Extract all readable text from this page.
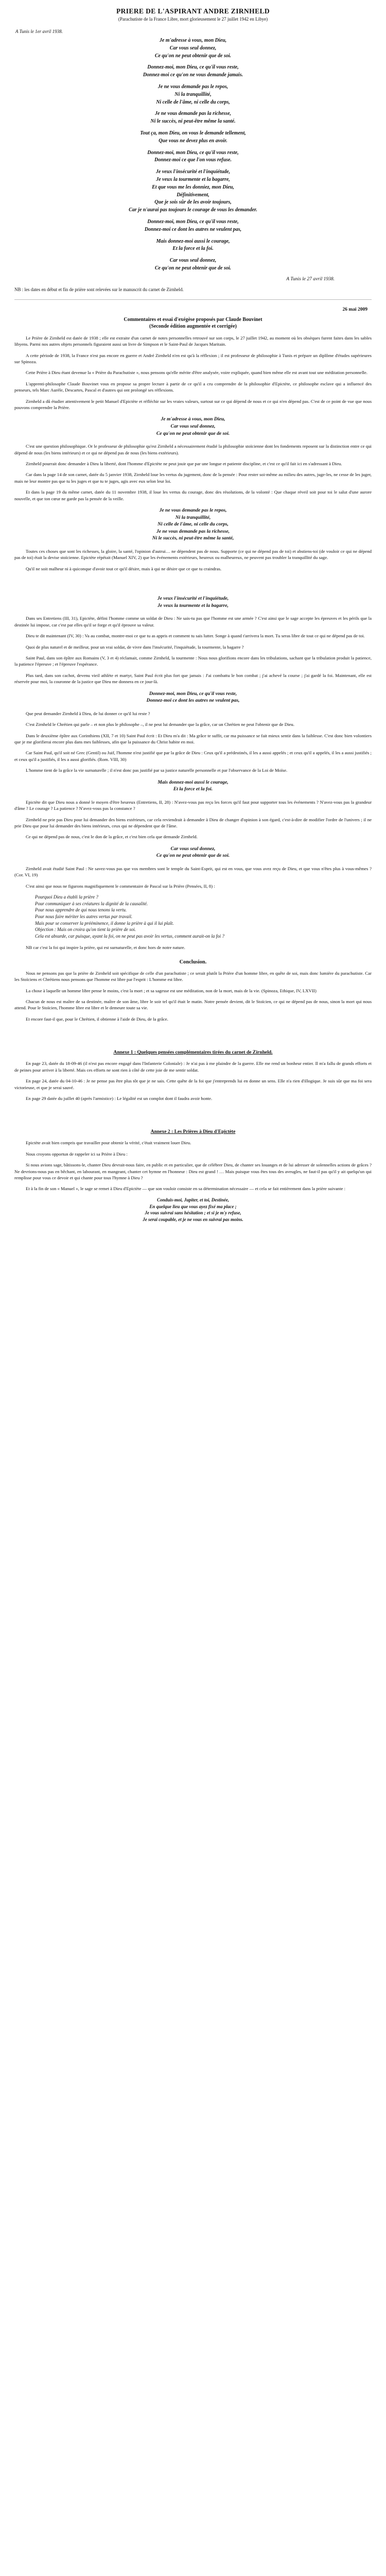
PRIERE DE L'ASPIRANT ANDRE ZIRNHELD
(Parachutiste de la France Libre, mort glorieusement le 27 juillet 1942 en Libye)
A Tunis le 1er avril 1938.
Je m'adresse à vous, mon Dieu,
Car vous seul donnez,
Ce qu'on ne peut obtenir que de soi.
Donnez-moi, mon Dieu, ce qu'il vous reste,
Donnez-moi ce qu'on ne vous demande jamais.
Je ne vous demande pas le repos,
Ni la tranquillité,
Ni celle de l'âme, ni celle du corps,
Je ne vous demande pas la richesse,
Ni le succès, ni peut-être même la santé.
Tout ça, mon Dieu, on vous le demande tellement,
Que vous ne devez plus en avoir.
Donnez-moi, mon Dieu, ce qu'il vous reste,
Donnez-moi ce que l'on vous refuse.
Je veux l'insécurité et l'inquiétude,
Je veux la tourmente et la bagarre,
Et que vous me les donniez, mon Dieu,
Définitivement,
Que je sois sûr de les avoir toujours,
Car je n'aurai pas toujours le courage de vous les demander.
Donnez-moi, mon Dieu, ce qu'il vous reste,
Donnez-moi ce dont les autres ne veulent pas,
Mais donnez-moi aussi le courage,
Et la force et la foi.
Car vous seul donnez,
Ce qu'on ne peut obtenir que de soi.
A Tunis le 27 avril 1938.
NB : les dates en début et fin de prière sont relevées sur le manuscrit du carnet de Zirnheld.
26 mai 2009
Commentaires et essai d'exégèse proposés par Claude Bouvinet
(Seconde édition augmentée et corrigée)
Le Prière de Zirnheld est datée de 1938 ; elle est extraite d'un carnet de notes personnelles retrouvé sur son corps, le 27 juillet 1942, au moment où les obsèques furent faites dans les sables libyens. Parmi nos autres objets personnels figuraient aussi un livre de Simpson et le Saint-Paul de Jacques Maritain.
A cette période de 1938, la France n'est pas encore en guerre et André Zirnheld n'en est qu'à la réflexion ; il est professeur de philosophie à Tunis et prépare un diplôme d'études supérieures sur Spinoza.
Cette Prière à Dieu étant devenue la « Prière du Parachutiste », nous pensons qu'elle mérite d'être analysée, voire expliquée, quand bien même elle est avant tout une méditation personnelle.
L'apprenti-philosophe Claude Bouvinet vous en propose sa propre lecture à partir de ce qu'il a cru comprendre de la philosophie d'Epictète, ce philosophe esclave qui a influencé des penseurs, tels Marc Aurèle, Descartes, Pascal et d'autres qui ont prolongé ses réflexions.
Zirnheld a dû étudier attentivement le petit Manuel d'Epictète et réfléchir sur les vraies valeurs, surtout sur ce qui dépend de nous et ce qui n'en dépend pas. C'est de ce point de vue que nous pouvons comprendre la Prière.
Je m'adresse à vous, mon Dieu,
Car vous seul donnez,
Ce qu'on ne peut obtenir que de soi.
C'est une question philosophique. Or le professeur de philosophie qu'est Zirnheld a nécessairement étudié la philosophie stoïcienne dont les fondements reposent sur la distinction entre ce qui dépend de nous (les biens intérieurs) et ce qui ne dépend pas de nous (les biens extérieurs).
Zirnheld pourrait donc demander à Dieu la liberté, dont l'homme d'Epictète ne peut jouir que par une longue et patiente discipline, et c'est ce qu'il fait ici en s'adressant à Dieu.
Car dans la page 14 de son carnet, datée du 5 janvier 1938, Zirnheld loue les vertus du jugement, donc de la pensée : Pour rester soi-même au milieu des autres, juge-les, ne cesse de les juger, mais ne leur montre pas que tu les juges et que tu te juges, agis avec eux selon leur loi.
Et dans la page 19 du même carnet, datée du 11 novembre 1938, il loue les vertus du courage, donc des résolutions, de la volonté : Que chaque réveil soit pour toi le salut d'une aurore nouvelle, et que ton cœur ne garde pas la pensée de la veille.
Je ne vous demande pas le repos,
Ni la tranquillité,
Ni celle de l'âme, ni celle du corps,
Je ne vous demande pas la richesse,
Ni le succès, ni peut-être même la santé,
Toutes ces choses que sont les richesses, la gloire, la santé, l'opinion d'autrui… ne dépendent pas de nous. Supporte (ce qui ne dépend pas de toi) et abstiens-toi (de vouloir ce qui ne dépend pas de toi) était la devise stoïcienne. Epictète répétait (Manuel XIV, 2) que les événements extérieurs, heureux ou malheureux, ne peuvent pas troubler la tranquillité du sage.
Qu'il ne soit malheur ni à quiconque d'avoir tout ce qu'il désire, mais à qui ne désire que ce que tu craindras.
Je veux l'insécurité et l'inquiétude,
Je veux la tourmente et la bagarre,
Dans ses Entretiens (III, 31), Epictète, défini l'homme comme un soldat de Dieu : Ne sais-tu pas que l'homme est une armée ? C'est ainsi que le sage accepte les épreuves et les périls que la destinée lui impose, car c'est par elles qu'il se forge et qu'il éprouve sa valeur.
Dieu te dit maintenant (IV, 30) : Va au combat, montre-moi ce que tu as appris et comment tu sais lutter. Songe à quand t'arrivera la mort. Tu seras libre de tout ce qui ne dépend pas de toi.
Quoi de plus naturel et de meilleur, pour un vrai soldat, de vivre dans l'insécurité, l'inquiétude, la tourmente, la bagarre ?
Saint Paul, dans son épître aux Romains (V, 3 et 4) réclamait, comme Zirnheld, la tourmente : Nous nous glorifions encore dans les tribulations, sachant que la tribulation produit la patience, la patience l'épreuve ; et l'épreuve l'espérance.
Plus tard, dans son cachot, devenu vieil athlète et martyr, Saint Paul écrit plus fort que jamais : J'ai combattu le bon combat ; j'ai achevé la course ; j'ai gardé la foi. Maintenant, elle est réservée pour moi, la couronne de la justice que Dieu me donnera en ce jour-là.
Donnez-moi, mon Dieu, ce qu'il vous reste,
Donnez-moi ce dont les autres ne veulent pas,
Que peut demander Zirnheld à Dieu, de lui donner ce qu'il lui reste ?
C'est Zirnheld le Chrétien qui parle – et non plus le philosophe –, il ne peut lui demander que la grâce, car un Chrétien ne peut l'obtenir que de Dieu.
Dans le deuxième épître aux Corinthiens (XII, 7 et 10) Saint Paul écrit : Et Dieu m'a dit : Ma grâce te suffit, car ma puissance se fait mieux sentir dans la faiblesse. C'est donc bien volontiers que je me glorifierai encore plus dans mes faiblesses, afin que la puissance du Christ habite en moi.
Car Saint Paul, qu'il soit né Grec (Gentil) ou Juif, l'homme n'est justifié que par la grâce de Dieu : Ceux qu'il a prédestinés, il les a aussi appelés ; et ceux qu'il a appelés, il les a aussi justifiés ; et ceux qu'il a justifiés, il les a aussi glorifiés. (Rom. VIII, 30)
L'homme tient de la grâce la vie surnaturelle ; il n'est donc pas justifié par sa justice naturelle personnelle et par l'observance de la Loi de Moïse.
Mais donnez-moi aussi le courage,
Et la force et la foi.
Epictète dit que Dieu nous a donné le moyen d'être heureux (Entretiens, II, 28) : N'avez-vous pas reçu les forces qu'il faut pour supporter tous les événements ? N'avez-vous pas la grandeur d'âme ? Le courage ? La patience ? N'avez-vous pas la constance ?
Zirnheld ne prie pas Dieu pour lui demander des biens extérieurs, car cela reviendrait à demander à Dieu de changer d'opinion à son égard, c'est-à-dire de modifier l'ordre de l'univers ; il ne prie Dieu que pour lui demander des biens intérieurs, ceux qui ne dépendent que de l'âme.
Ce qui ne dépend pas de nous, c'est le don de la grâce, et c'est bien cela que demande Zirnheld.
Car vous seul donnez,
Ce qu'on ne peut obtenir que de soi.
Zirnheld avait étudié Saint Paul : Ne savez-vous pas que vos membres sont le temple du Saint-Esprit, qui est en vous, que vous avez reçu de Dieu, et que vous n'êtes plus à vous-mêmes ? (Cor. VI, 19)
C'est ainsi que nous ne figurons magnifiquement le commentaire de Pascal sur la Prière (Pensées, II, 8) :
Pourquoi Dieu a établi la prière ?
Pour communiquer à ses créatures la dignité de la causalité.
Pour nous apprendre de qui nous tenons la vertu.
Pour nous faire mériter les autres vertus par travail.
Mais pour se conserver la prééminence, il donne la prière à qui il lui plaît.
Objection : Mais on croira qu'on tient la prière de soi.
Cela est absurde, car puisque, ayant la foi, on ne peut pas avoir les vertus, comment aurait-on la foi ?
NB car c'est la foi qui inspire la prière, qui est surnaturelle, et donc hors de notre nature.
Conclusion.
Nous ne pensons pas que la prière de Zirnheld soit spécifique de celle d'un parachutiste ; ce serait plutôt la Prière d'un homme libre, en quête de soi, mais donc lumière du parachutiste. Car les Stoïciens et Chrétiens nous pensons que l'homme est libre par l'esprit : L'homme est libre.
La chose à laquelle un homme libre pense le moins, c'est la mort ; et sa sagesse est une méditation, non de la mort, mais de la vie. (Spinoza, Ethique, IV, LXVII)
Chacun de nous est maître de sa destinée, maître de son âme, libre le soir tel qu'il était le matin. Notre pensée devient, dit le Stoïcien, ce qui ne dépend pas de nous, sinon la mort qui nous attend. Pour le Stoïcien, l'homme libre est libre et le demeure toute sa vie.
Et encore faut-il que, pour le Chrétien, il obtienne à l'aide de Dieu, de la grâce.
Annexe 1 : Quelques pensées complémentaires tirées du carnet de Zirnheld.
En page 23, datée du 18-09-46 (il n'est pas encore engagé dans l'Infanterie Coloniale) : Je n'ai pas à me plaindre de la guerre. Elle me rend un bonheur entier. Il m'a fallu de grands efforts et de peines pour arriver à la liberté. Mais ces efforts ne sont rien à côté de cette joie de me sentir soldat.
En page 24, datée du 04-10-46 : Je ne pense pas être plus tôt que je ne sais. Cette quête de la foi que j'entreprends lui en donne un sens. Elle n'a rien d'illogique. Je suis sûr que ma foi sera victorieuse, et que je serai sauvé.
En page 29 datée du juillet 40 (après l'armistice) : Le légalité est un complot dont il faudra avoir honte.
Annexe 2 : Les Prières à Dieu d'Epictète
Epictète avait bien compris que travailler pour obtenir la vérité, c'était vraiment louer Dieu.
Nous croyons opportun de rappeler ici sa Prière à Dieu :
Si nous avions sage, bâtissons-le, chanter Dieu devrait-nous faire, en public et en particulier, que de célébrer Dieu, de chanter ses louanges et de lui adresser de solennelles actions de grâces ? Ne devrions-nous pas en bêchant, en labourant, en mangeant, chanter cet hymne en l'honneur : Dieu est grand ! … Mais puisque vous êtes tous des aveugles, ne faut-il pas qu'il y ait quelqu'un qui remplisse pour vous ce devoir et qui chante pour tous l'hymne à Dieu ?
Et à la fin de son « Manuel », le sage se remet à Dieu d'Epictète — que son vouloir consiste en sa détermination nécessaire — et cela se fait entièrement dans la prière suivante :
Conduis-moi, Jupiter, et toi, Destinée,
En quelque lieu que vous ayez fixé ma place ;
Je vous suivrai sans hésitation ; et si je m'y refuse,
Je serai coupable, et je ne vous en suivrai pas moins.
